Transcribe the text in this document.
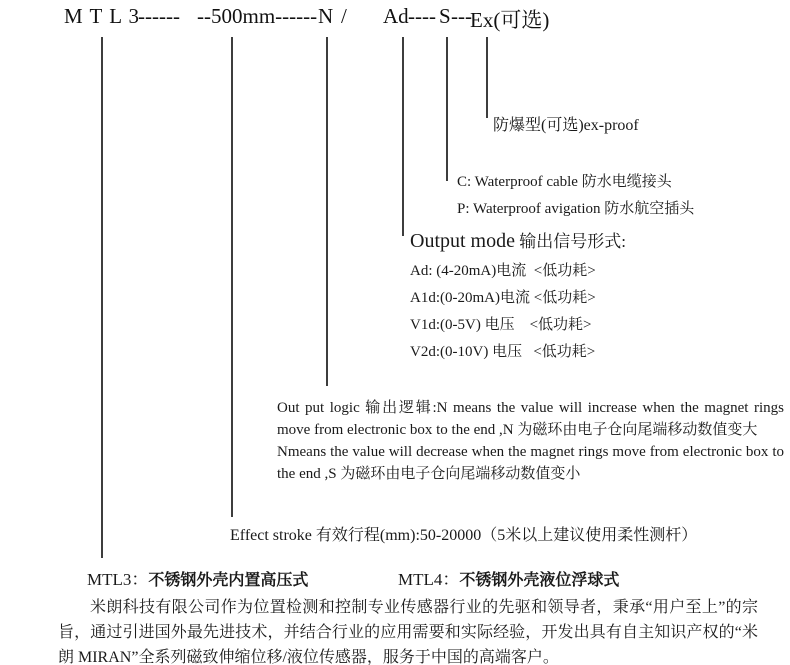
M T L 3
------ --500mm------ N / Ad ---- S ---
Ex(可选)
防爆型(可选)ex-proof
C: Waterproof cable 防水电缆接头
P: Waterproof avigation 防水航空插头
Output mode 输出信号形式:
Ad: (4-20mA)电流  <低功耗>
A1d:(0-20mA)电流 <低功耗>
V1d:(0-5V) 电压    <低功耗>
V2d:(0-10V) 电压   <低功耗>

Out put logic 输出逻辑:N means the value will increase when the magnet rings move from electronic box to the end ,N 为磁环由电子仓向尾端移动数值变大

Nmeans the value will decrease when the magnet rings move from electronic box to the end ,S 为磁环由电子仓向尾端移动数值变小

Effect stroke 有效行程(mm):50-20000（5米以上建议使用柔性测杆）
MTL3：不锈钢外壳内置高压式	MTL4：不锈钢外壳液位浮球式

米朗科技有限公司作为位置检测和控制专业传感器行业的先驱和领导者，秉承“用户至上”的宗旨，通过引进国外最先进技术，并结合行业的应用需要和实际经验，开发出具有自主知识产权的“米朗 MIRAN”全系列磁致伸缩位移/液位传感器，服务于中国的高端客户。
